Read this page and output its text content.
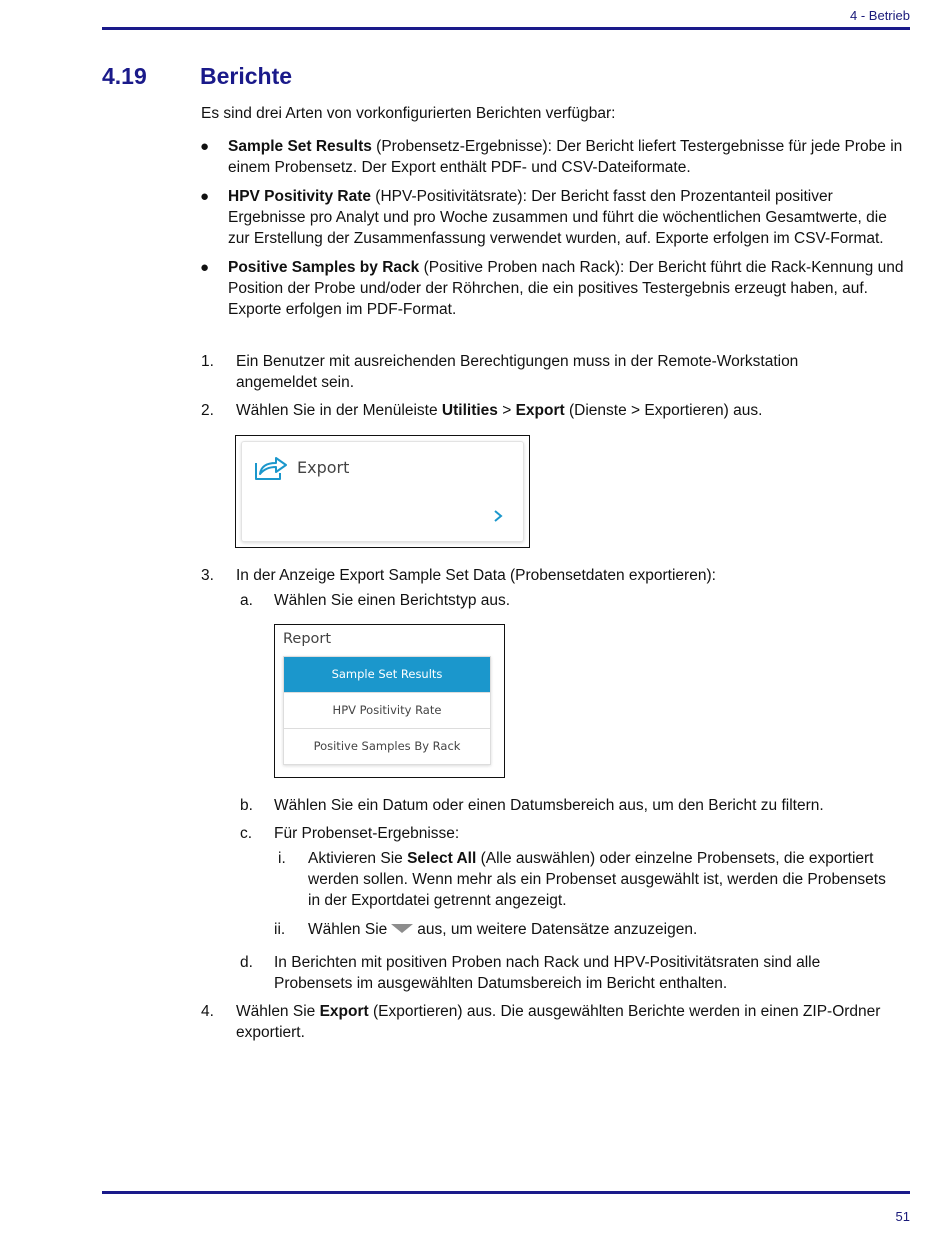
4 - Betrieb
4.19 Berichte
Es sind drei Arten von vorkonfigurierten Berichten verfügbar:
● Sample Set Results (Probensetz-Ergebnisse): Der Bericht liefert Testergebnisse für jede Probe in einem Probensetz. Der Export enthält PDF- und CSV-Dateiformate.
● HPV Positivity Rate (HPV-Positivitätsrate): Der Bericht fasst den Prozentanteil positiver Ergebnisse pro Analyt und pro Woche zusammen und führt die wöchentlichen Gesamtwerte, die zur Erstellung der Zusammenfassung verwendet wurden, auf. Exporte erfolgen im CSV-Format.
● Positive Samples by Rack (Positive Proben nach Rack): Der Bericht führt die Rack-Kennung und Position der Probe und/oder der Röhrchen, die ein positives Testergebnis erzeugt haben, auf. Exporte erfolgen im PDF-Format.
1. Ein Benutzer mit ausreichenden Berechtigungen muss in der Remote-Workstation angemeldet sein.
2. Wählen Sie in der Menüleiste Utilities > Export (Dienste > Exportieren) aus.
Export
3. In der Anzeige Export Sample Set Data (Probensetdaten exportieren):
a. Wählen Sie einen Berichtstyp aus.
Report
Sample Set Results
HPV Positivity Rate
Positive Samples By Rack
b. Wählen Sie ein Datum oder einen Datumsbereich aus, um den Bericht zu filtern.
c. Für Probenset-Ergebnisse:
i. Aktivieren Sie Select All (Alle auswählen) oder einzelne Probensets, die exportiert werden sollen. Wenn mehr als ein Probenset ausgewählt ist, werden die Probensets in der Exportdatei getrennt angezeigt.
ii. Wählen Sie aus, um weitere Datensätze anzuzeigen.
d. In Berichten mit positiven Proben nach Rack und HPV-Positivitätsraten sind alle Probensets im ausgewählten Datumsbereich im Bericht enthalten.
4. Wählen Sie Export (Exportieren) aus. Die ausgewählten Berichte werden in einen ZIP-Ordner exportiert.
51
